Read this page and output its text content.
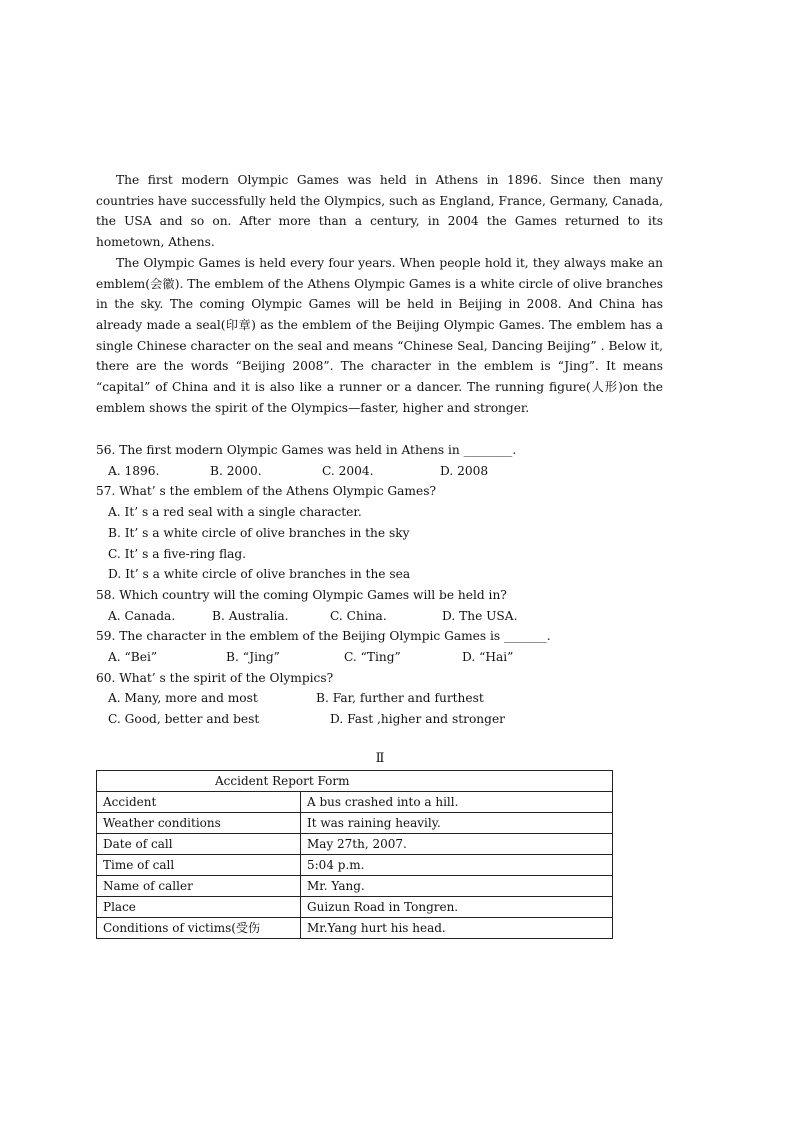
The first modern Olympic Games was held in Athens in 1896. Since then many countries have successfully held the Olympics, such as England, France, Germany, Canada, the USA and so on. After more than a century, in 2004 the Games returned to its hometown, Athens.

The Olympic Games is held every four years. When people hold it, they always make an emblem(会徽). The emblem of the Athens Olympic Games is a white circle of olive branches in the sky. The coming Olympic Games will be held in Beijing in 2008. And China has already made a seal(印章) as the emblem of the Beijing Olympic Games. The emblem has a single Chinese character on the seal and means “Chinese Seal, Dancing Beijing” . Below it, there are the words “Beijing 2008”. The character in the emblem is “Jing”. It means “capital” of China and it is also like a runner or a dancer. The running figure(人形)on the emblem shows the spirit of the Olympics—faster, higher and stronger.

56. The first modern Olympic Games was held in Athens in ________.

A. 1896.	B. 2000.	C. 2004.	D. 2008

57. What’ s the emblem of the Athens Olympic Games?

A. It’ s a red seal with a single character.

B. It’ s a white circle of olive branches in the sky

C. It’ s a five-ring flag.

D. It’ s a white circle of olive branches in the sea

58. Which country will the coming Olympic Games will be held in?

A. Canada.	B. Australia.	C. China.	D. The USA.

59. The character in the emblem of the Beijing Olympic Games is _______.

A. “Bei”	B. “Jing”	C. “Ting”	D. “Hai”

60. What’ s the spirit of the Olympics?

A. Many, more and most	B. Far, further and furthest
C. Good, better and best	D. Fast ,higher and stronger
Ⅱ
Accident Report Form	
Accident	A bus crashed into a hill.
Weather conditions	It was raining heavily.
Date of call	May 27th, 2007.
Time of call	5:04 p.m.
Name of caller	Mr. Yang.
Place	Guizun Road in Tongren.
Conditions of victims(受伤	Mr.Yang hurt his head.
